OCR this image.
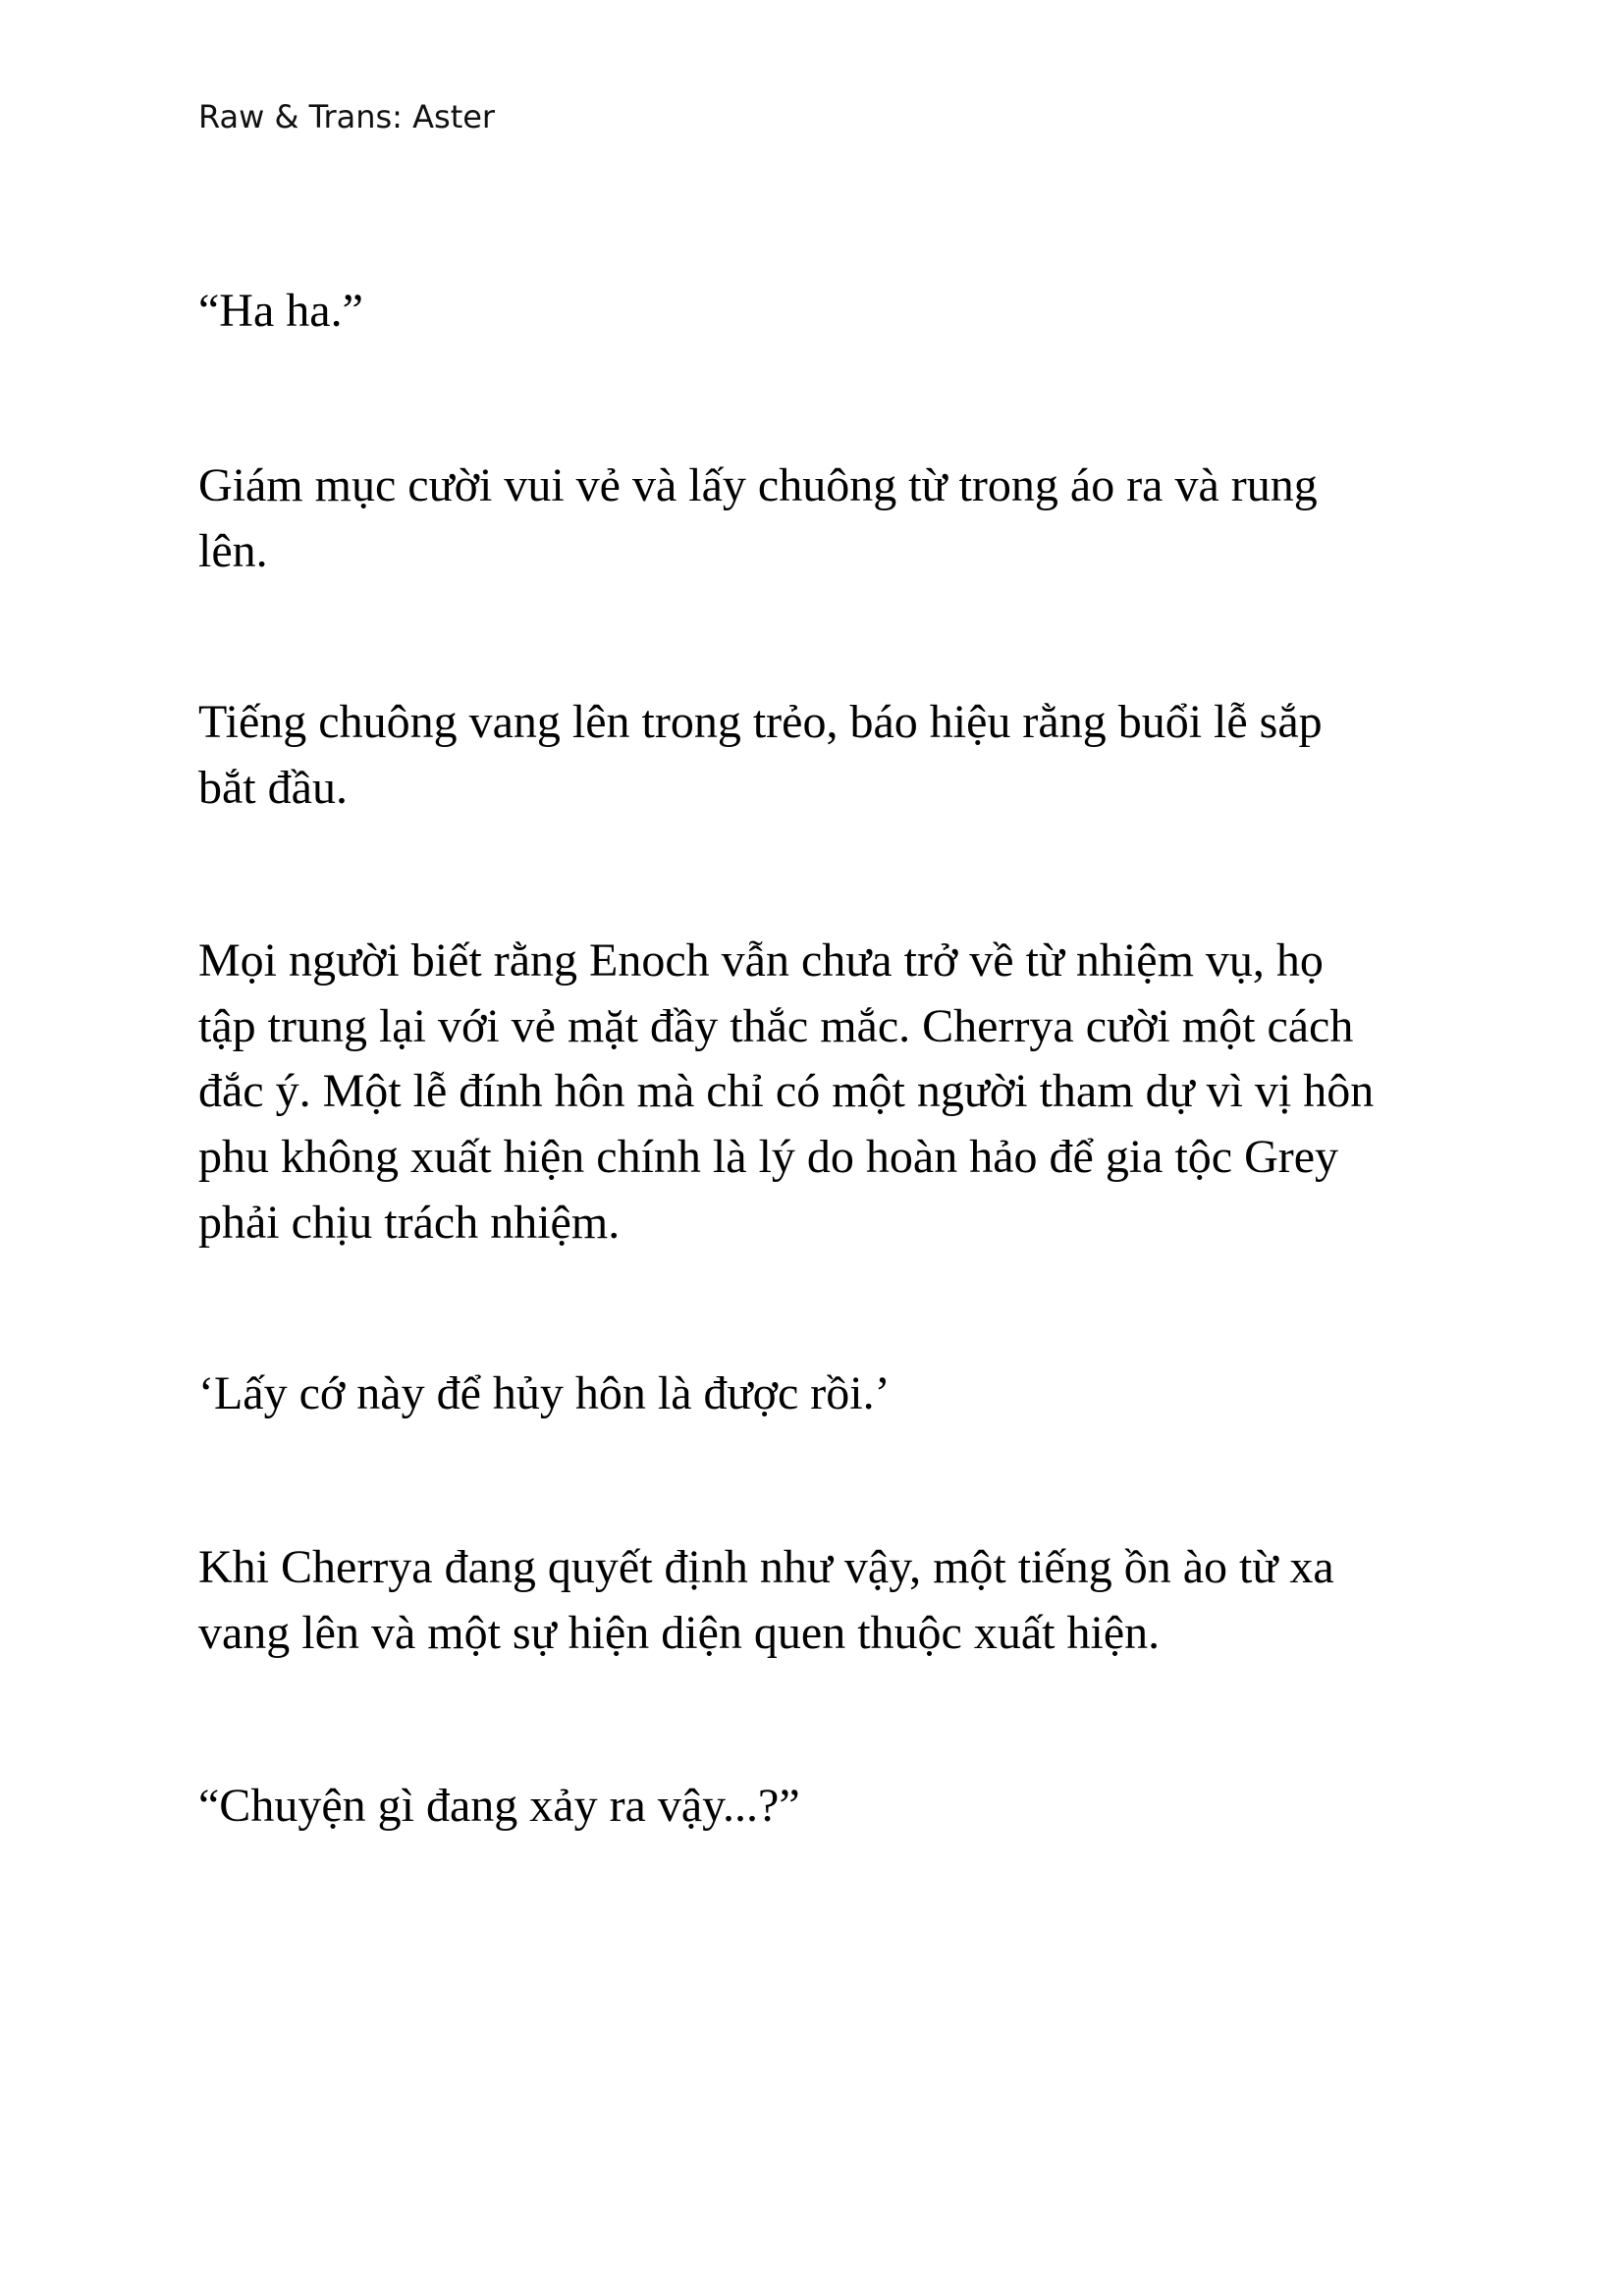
Raw & Trans: Aster
“Ha ha.”
Giám mục cười vui vẻ và lấy chuông từ trong áo ra và rung
lên.
Tiếng chuông vang lên trong trẻo, báo hiệu rằng buổi lễ sắp
bắt đầu.
Mọi người biết rằng Enoch vẫn chưa trở về từ nhiệm vụ, họ
tập trung lại với vẻ mặt đầy thắc mắc. Cherrya cười một cách
đắc ý. Một lễ đính hôn mà chỉ có một người tham dự vì vị hôn
phu không xuất hiện chính là lý do hoàn hảo để gia tộc Grey
phải chịu trách nhiệm.
‘Lấy cớ này để hủy hôn là được rồi.’
Khi Cherrya đang quyết định như vậy, một tiếng ồn ào từ xa
vang lên và một sự hiện diện quen thuộc xuất hiện.
“Chuyện gì đang xảy ra vậy...?”
